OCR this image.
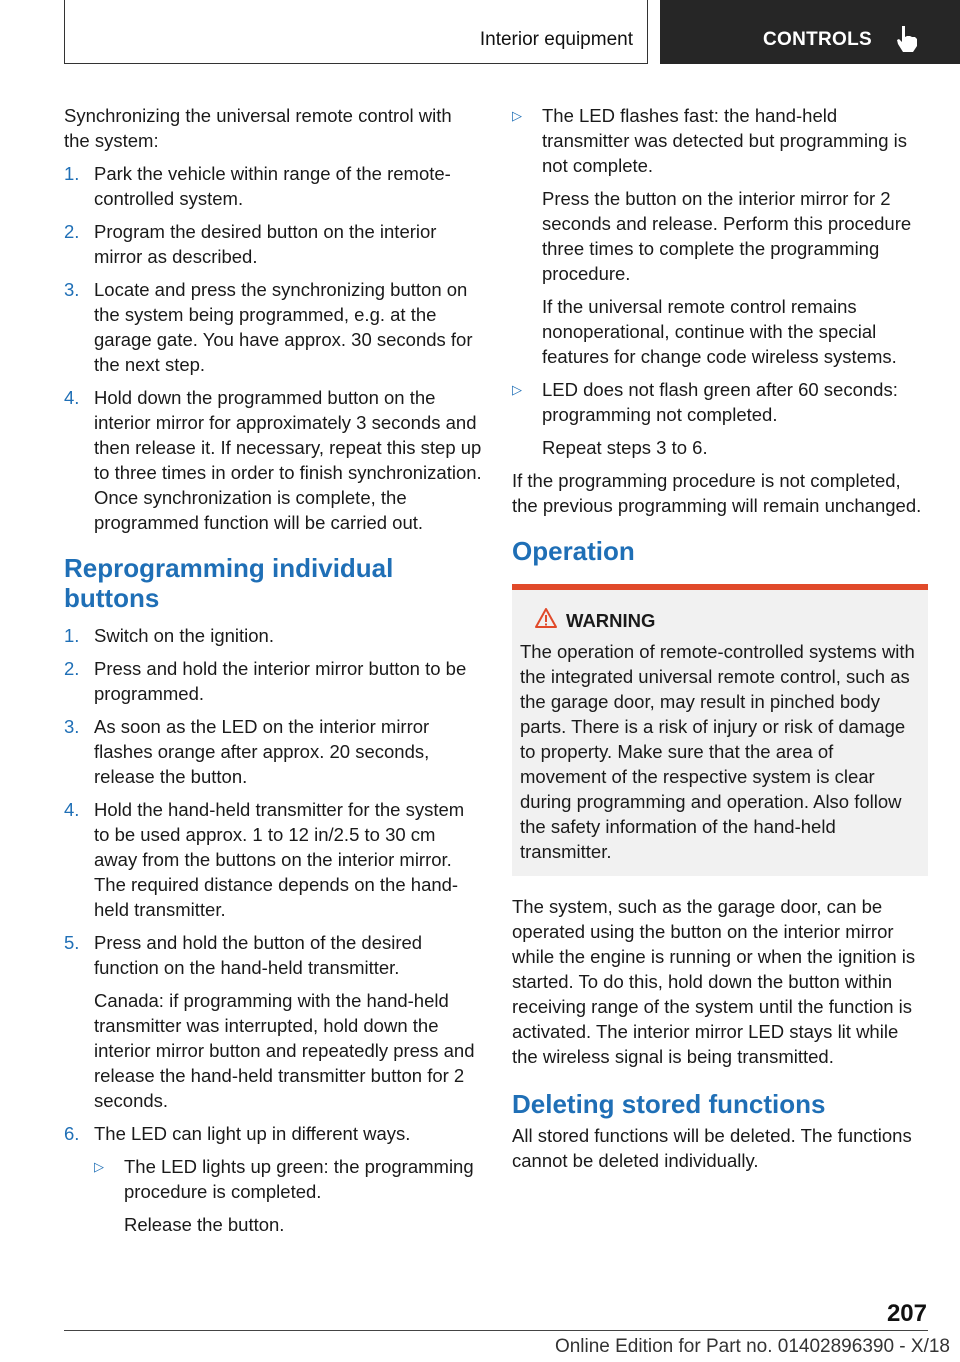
Interior equipment	CONTROLS

Synchronizing the universal remote control with the system:

1. Park the vehicle within range of the remote-controlled system.
2. Program the desired button on the interior mirror as described.
3. Locate and press the synchronizing button on the system being programmed, e.g. at the garage gate. You have approx. 30 seconds for the next step.
4. Hold down the programmed button on the interior mirror for approximately 3 seconds and then release it. If necessary, repeat this step up to three times in order to finish synchronization. Once synchronization is complete, the programmed function will be carried out.
Reprogramming individual buttons
1. Switch on the ignition.
2. Press and hold the interior mirror button to be programmed.
3. As soon as the LED on the interior mirror flashes orange after approx. 20 seconds, release the button.
4. Hold the hand-held transmitter for the system to be used approx. 1 to 12 in/2.5 to 30 cm away from the buttons on the interior mirror. The required distance depends on the hand-held transmitter.
5. Press and hold the button of the desired function on the hand-held transmitter.
Canada: if programming with the hand-held transmitter was interrupted, hold down the interior mirror button and repeatedly press and release the hand-held transmitter button for 2 seconds.
6. The LED can light up in different ways.
▷ The LED lights up green: the programming procedure is completed.
Release the button.
▷ The LED flashes fast: the hand-held transmitter was detected but programming is not complete.
Press the button on the interior mirror for 2 seconds and release. Perform this procedure three times to complete the programming procedure.
If the universal remote control remains nonoperational, continue with the special features for change code wireless systems.
▷ LED does not flash green after 60 seconds: programming not completed.
Repeat steps 3 to 6.

If the programming procedure is not completed, the previous programming will remain unchanged.

Operation
WARNING
The operation of remote-controlled systems with the integrated universal remote control, such as the garage door, may result in pinched body parts. There is a risk of injury or risk of damage to property. Make sure that the area of movement of the respective system is clear during programming and operation. Also follow the safety information of the hand-held transmitter.

The system, such as the garage door, can be operated using the button on the interior mirror while the engine is running or when the ignition is started. To do this, hold down the button within receiving range of the system until the function is activated. The interior mirror LED stays lit while the wireless signal is being transmitted.

Deleting stored functions

All stored functions will be deleted. The functions cannot be deleted individually.

207
Online Edition for Part no. 01402896390 - X/18
